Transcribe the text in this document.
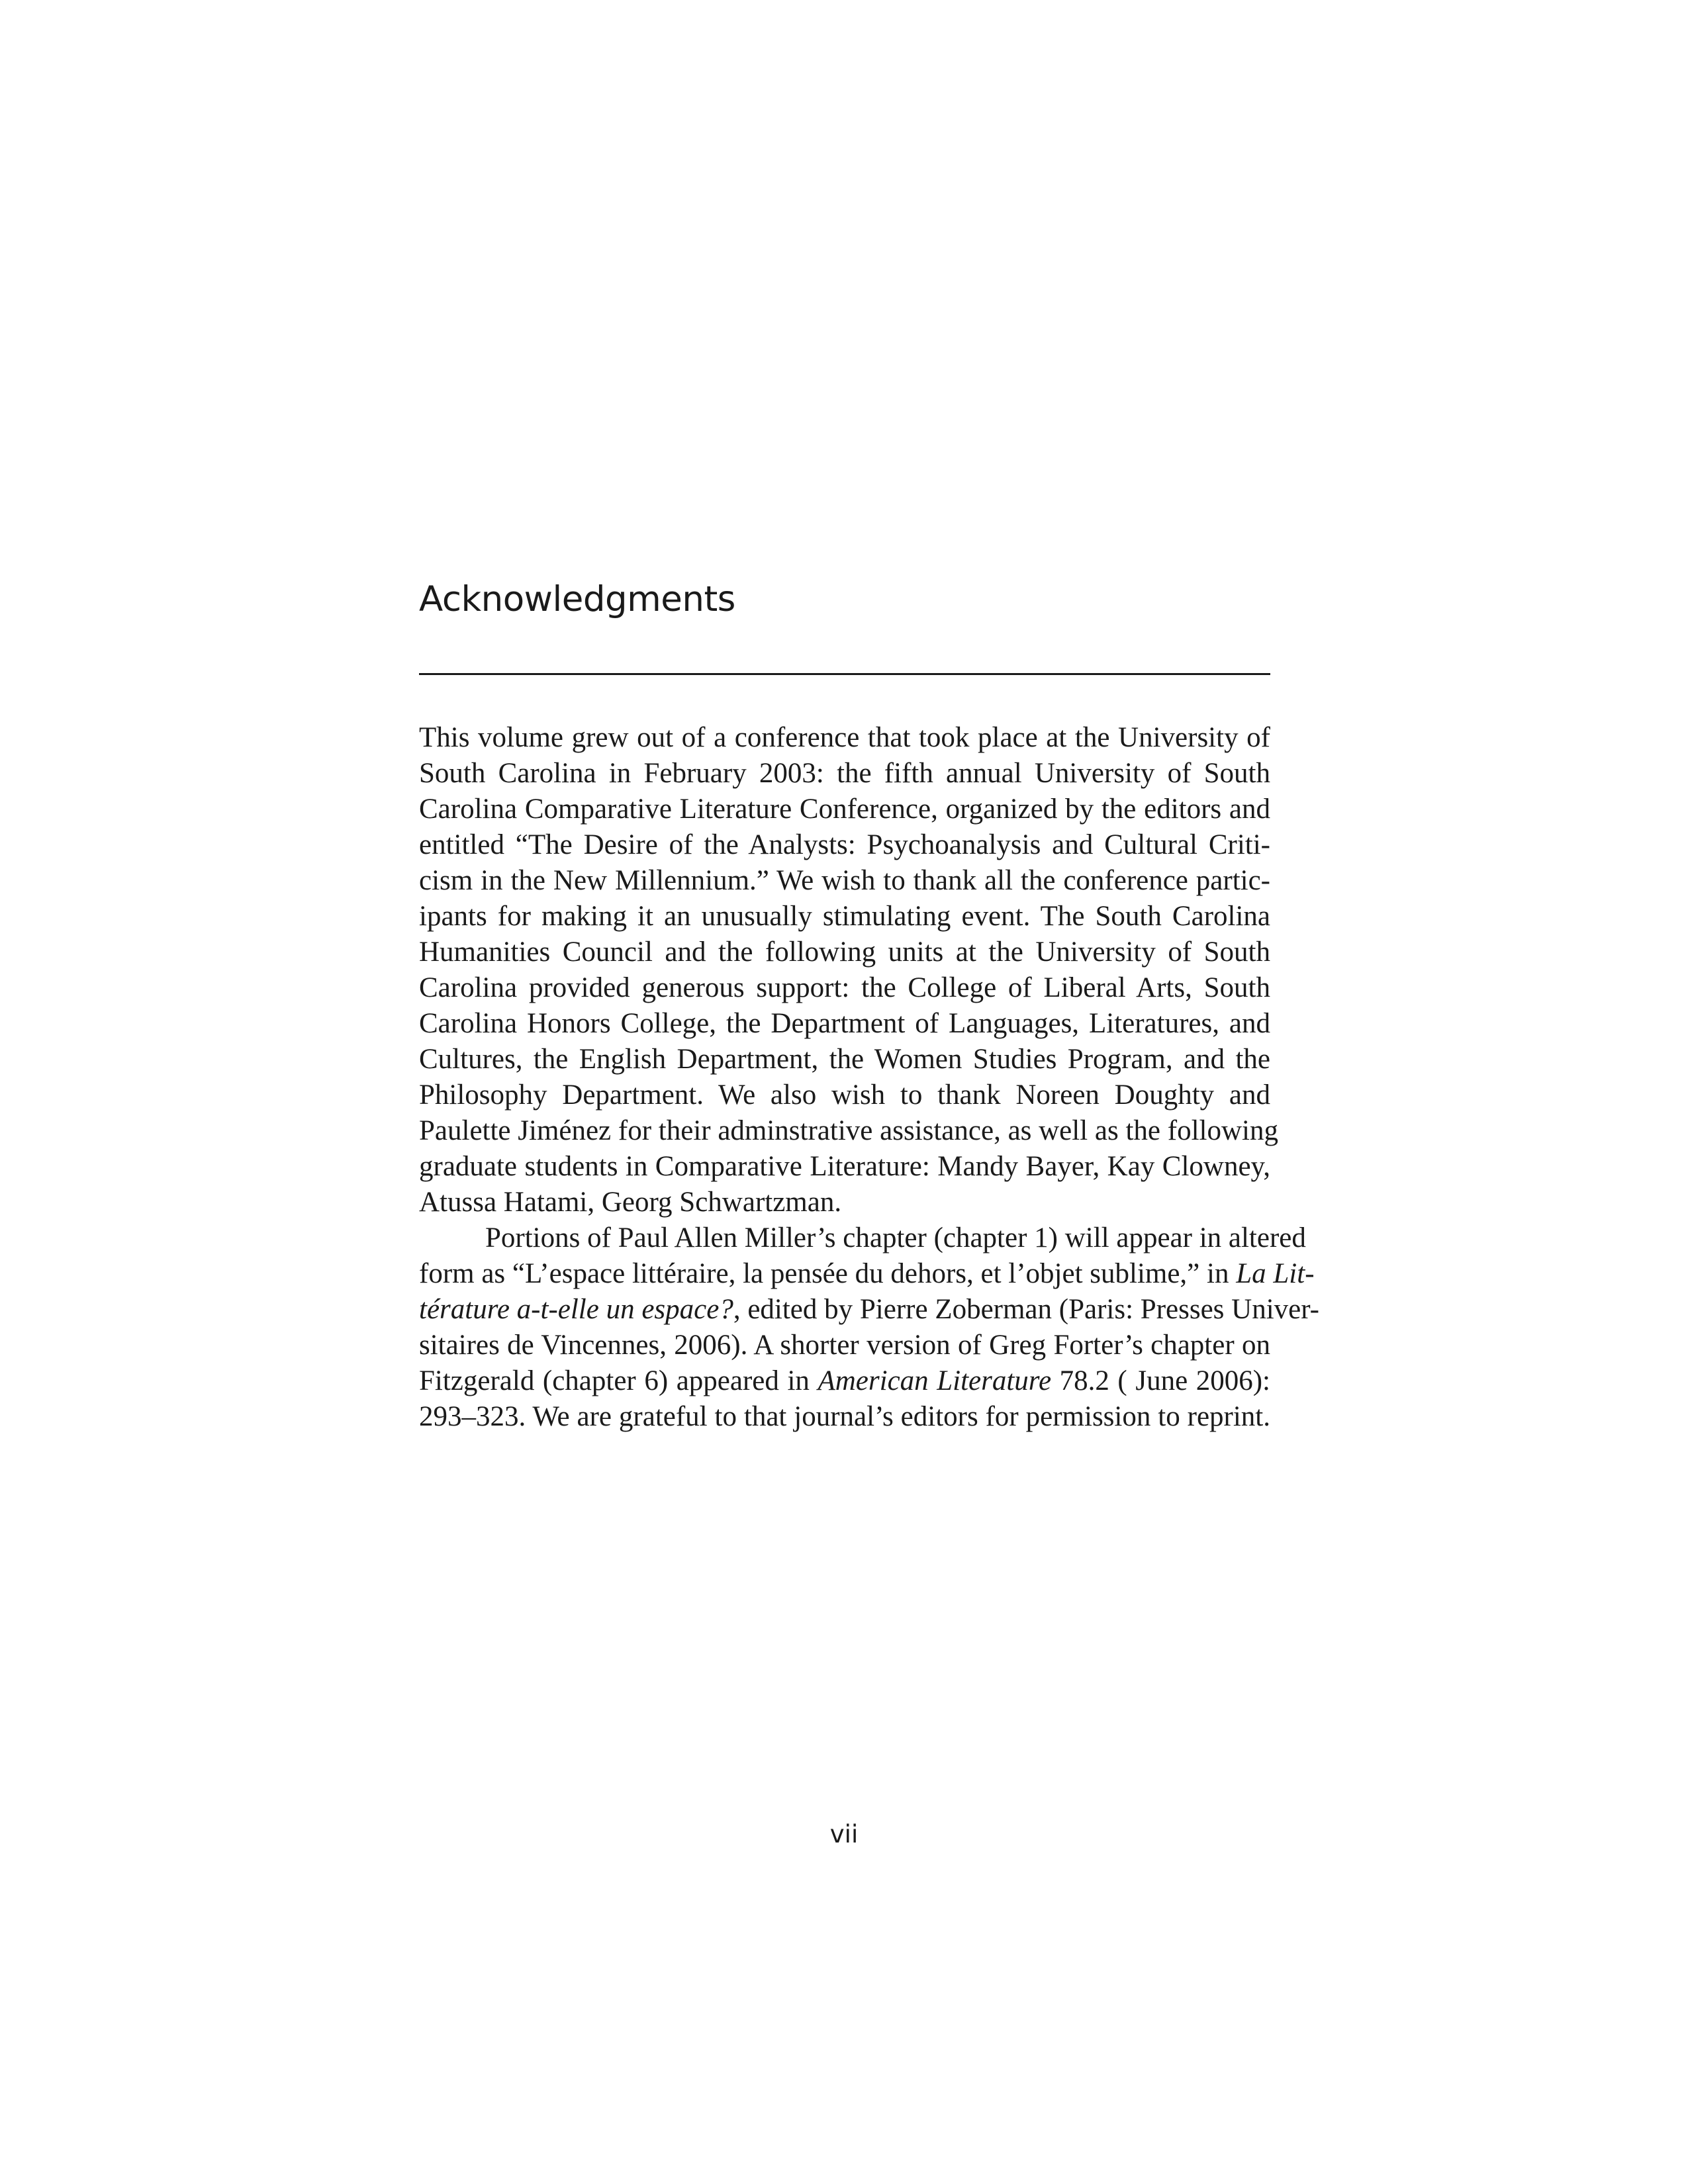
Acknowledgments
This volume grew out of a conference that took place at the University of
South Carolina in February 2003: the fifth annual University of South
Carolina Comparative Literature Conference, organized by the editors and
entitled “The Desire of the Analysts: Psychoanalysis and Cultural Criti-
cism in the New Millennium.” We wish to thank all the conference partic-
ipants for making it an unusually stimulating event. The South Carolina
Humanities Council and the following units at the University of South
Carolina provided generous support: the College of Liberal Arts, South
Carolina Honors College, the Department of Languages, Literatures, and
Cultures, the English Department, the Women Studies Program, and the
Philosophy Department. We also wish to thank Noreen Doughty and
Paulette Jiménez for their adminstrative assistance, as well as the following
graduate students in Comparative Literature: Mandy Bayer, Kay Clowney,
Atussa Hatami, Georg Schwartzman.
Portions of Paul Allen Miller’s chapter (chapter 1) will appear in altered
form as “L’espace littéraire, la pensée du dehors, et l’objet sublime,” in La Lit-
térature a-t-elle un espace?, edited by Pierre Zoberman (Paris: Presses Univer-
sitaires de Vincennes, 2006). A shorter version of Greg Forter’s chapter on
Fitzgerald (chapter 6) appeared in American Literature 78.2 ( June 2006):
293–323. We are grateful to that journal’s editors for permission to reprint.
vii
